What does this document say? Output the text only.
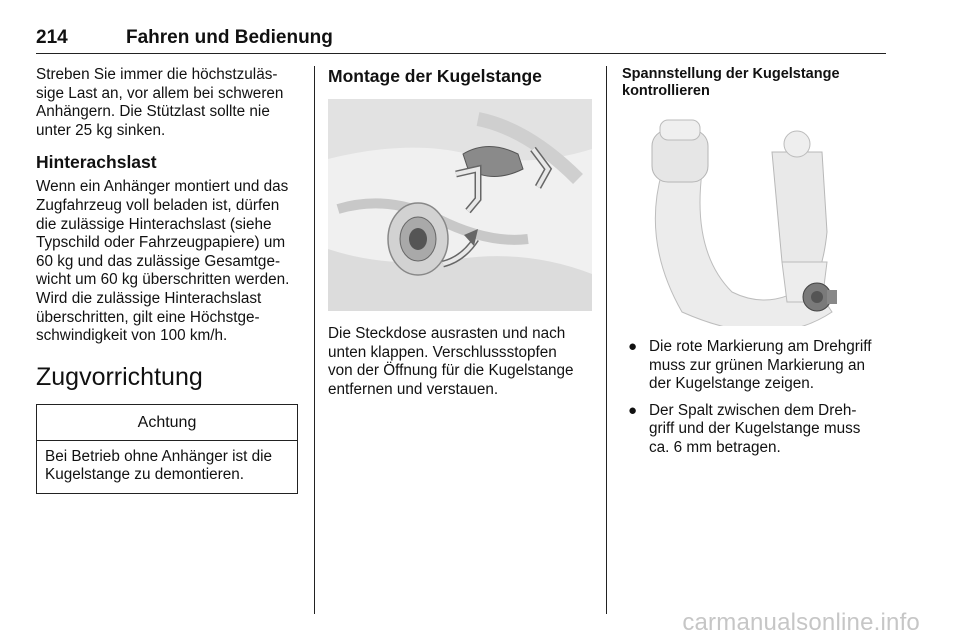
214	Fahren und Bedienung

Streben Sie immer die höchstzuläs-
sige Last an, vor allem bei schweren
Anhängern. Die Stützlast sollte nie
unter 25 kg sinken.

Hinterachslast

Wenn ein Anhänger montiert und das
Zugfahrzeug voll beladen ist, dürfen
die zulässige Hinterachslast (siehe
Typschild oder Fahrzeugpapiere) um
60 kg und das zulässige Gesamtge-
wicht um 60 kg überschritten werden.
Wird die zulässige Hinterachslast
überschritten, gilt eine Höchstge-
schwindigkeit von 100 km/h.

Zugvorrichtung
Achtung

Bei Betrieb ohne Anhänger ist die
Kugelstange zu demontieren.

Montage der Kugelstange

Die Steckdose ausrasten und nach
unten klappen. Verschlussstopfen
von der Öffnung für die Kugelstange
entfernen und verstauen.

Spannstellung der Kugelstange
kontrollieren
● Die rote Markierung am Drehgriff
muss zur grünen Markierung an
der Kugelstange zeigen.

● Der Spalt zwischen dem Dreh-
griff und der Kugelstange muss
ca. 6 mm betragen.

carmanualsonline.info
